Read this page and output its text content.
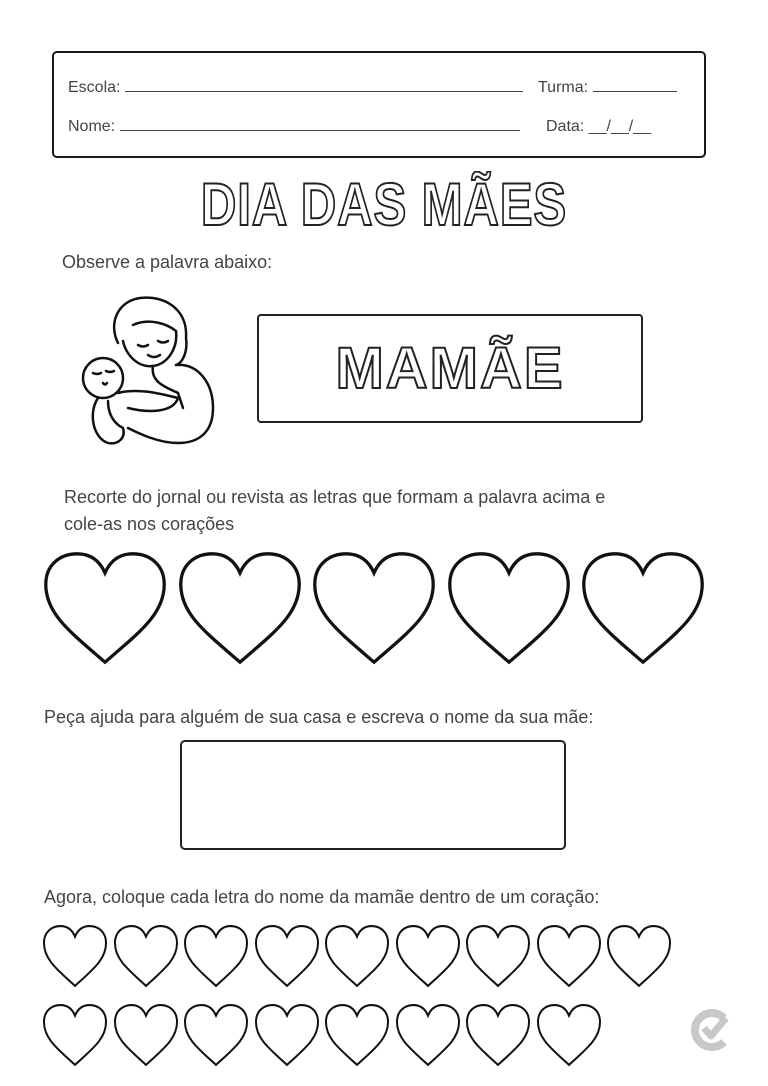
Escola:	Turma:
Nome:	Data: __/__/__
DIA DAS MÃES
Observe a palavra abaixo:
MAMÃE
Recorte do jornal ou revista as letras que formam a palavra acima e
cole-as nos corações
Peça ajuda para alguém de sua casa e escreva o nome da sua mãe:
Agora, coloque cada letra do nome da mamãe dentro de um coração:
